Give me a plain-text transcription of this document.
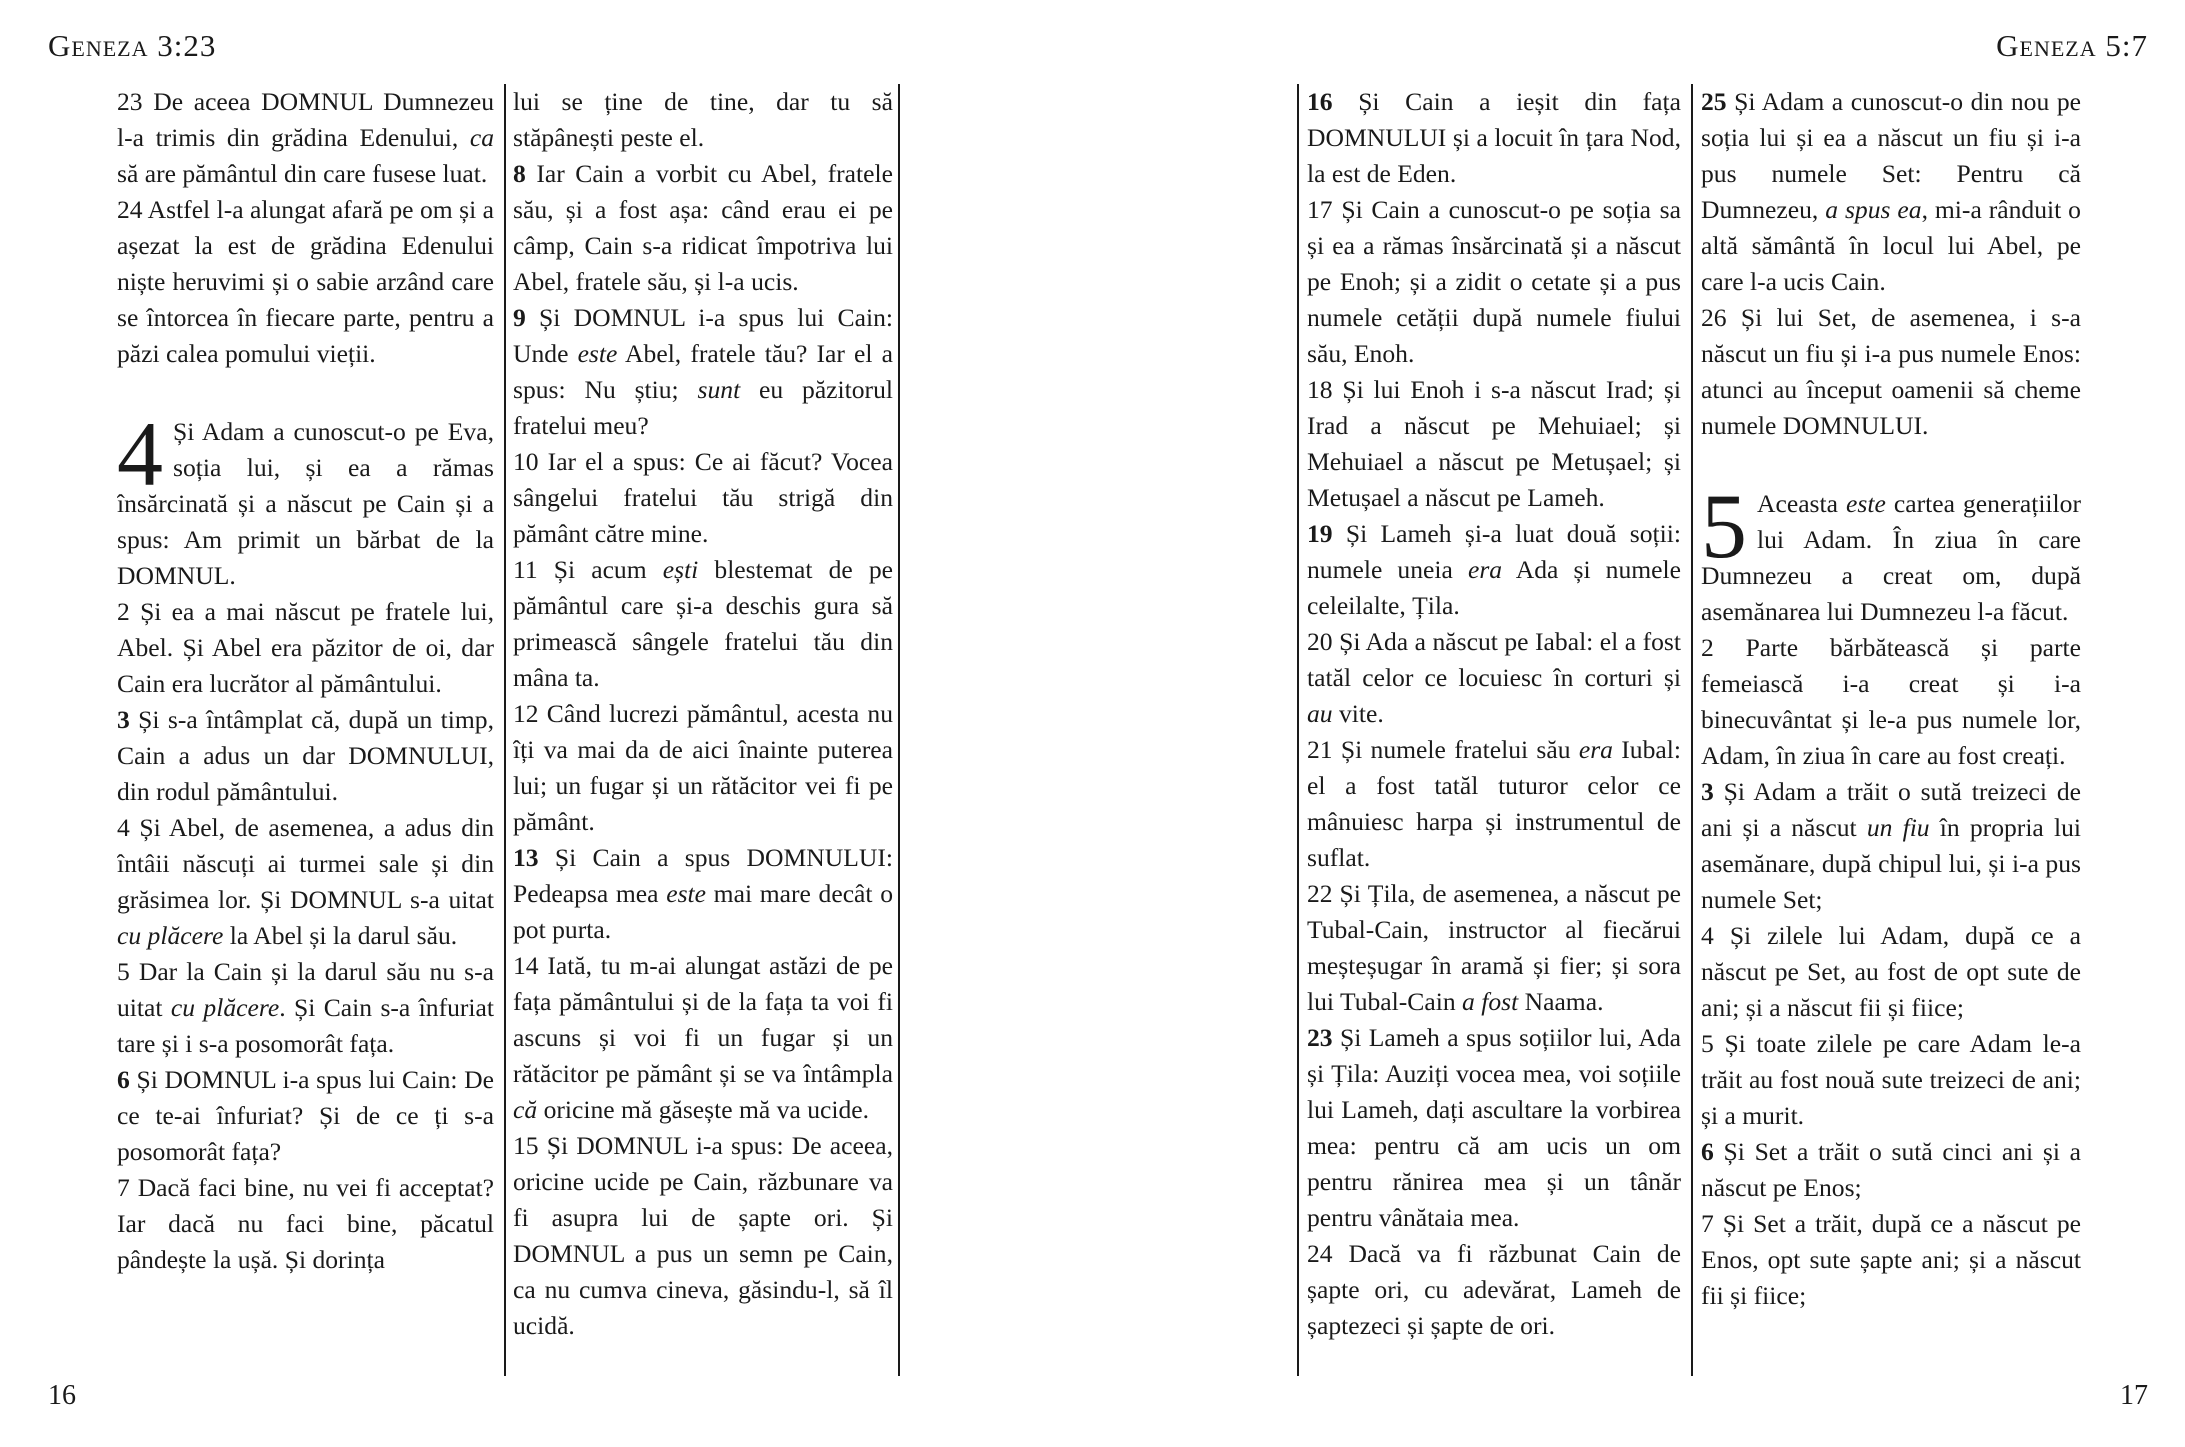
Geneza 3:23	Geneza 5:7

23 De aceea DOMNUL Dumnezeu l-a trimis din grădina Edenului, ca să are pământul din care fusese luat.

24 Astfel l-a alungat afară pe om și a așezat la est de grădina Edenului niște heruvimi și o sabie arzând care se întorcea în fiecare parte, pentru a păzi calea pomului vieții.

4 Și Adam a cunoscut-o pe Eva, soția lui, și ea a rămas însărcinată și a născut pe Cain și a spus: Am primit un bărbat de la DOMNUL.

2 Și ea a mai născut pe fratele lui, Abel. Și Abel era păzitor de oi, dar Cain era lucrător al pământului.

3 Și s-a întâmplat că, după un timp, Cain a adus un dar DOMNULUI, din rodul pământului.

4 Și Abel, de asemenea, a adus din întâii născuți ai turmei sale și din grăsimea lor. Și DOMNUL s-a uitat cu plăcere la Abel și la darul său.

5 Dar la Cain și la darul său nu s-a uitat cu plăcere. Și Cain s-a înfuriat tare și i s-a posomorât fața.

6 Și DOMNUL i-a spus lui Cain: De ce te-ai înfuriat? Și de ce ți s-a posomorât fața?

7 Dacă faci bine, nu vei fi acceptat? Iar dacă nu faci bine, păcatul pândește la ușă. Și dorința

lui se ține de tine, dar tu să stăpânești peste el.

8 Iar Cain a vorbit cu Abel, fratele său, și a fost așa: când erau ei pe câmp, Cain s-a ridicat împotriva lui Abel, fratele său, și l-a ucis.

9 Și DOMNUL i-a spus lui Cain: Unde este Abel, fratele tău? Iar el a spus: Nu știu; sunt eu păzitorul fratelui meu?

10 Iar el a spus: Ce ai făcut? Vocea sângelui fratelui tău strigă din pământ către mine.

11 Și acum ești blestemat de pe pământul care și-a deschis gura să primească sângele fratelui tău din mâna ta.

12 Când lucrezi pământul, acesta nu îți va mai da de aici înainte puterea lui; un fugar și un rătăcitor vei fi pe pământ.

13 Și Cain a spus DOMNULUI: Pedeapsa mea este mai mare decât o pot purta.

14 Iată, tu m-ai alungat astăzi de pe fața pământului și de la fața ta voi fi ascuns și voi fi un fugar și un rătăcitor pe pământ și se va întâmpla că oricine mă găsește mă va ucide.

15 Și DOMNUL i-a spus: De aceea, oricine ucide pe Cain, răzbunare va fi asupra lui de șapte ori. Și DOMNUL a pus un semn pe Cain, ca nu cumva cineva, găsindu-l, să îl ucidă.

16 Și Cain a ieșit din fața DOMNULUI și a locuit în țara Nod, la est de Eden.

17 Și Cain a cunoscut-o pe soția sa și ea a rămas însărcinată și a născut pe Enoh; și a zidit o cetate și a pus numele cetății după numele fiului său, Enoh.

18 Și lui Enoh i s-a născut Irad; și Irad a născut pe Mehuiael; și Mehuiael a născut pe Metușael; și Metușael a născut pe Lameh.

19 Și Lameh și-a luat două soții: numele uneia era Ada și numele celeilalte, Țila.

20 Și Ada a născut pe Iabal: el a fost tatăl celor ce locuiesc în corturi și au vite.

21 Și numele fratelui său era Iubal: el a fost tatăl tuturor celor ce mânuiesc harpa și instrumentul de suflat.

22 Și Țila, de asemenea, a născut pe Tubal-Cain, instructor al fiecărui meșteșugar în aramă și fier; și sora lui Tubal-Cain a fost Naama.

23 Și Lameh a spus soțiilor lui, Ada și Țila: Auziți vocea mea, voi soțiile lui Lameh, dați ascultare la vorbirea mea: pentru că am ucis un om pentru rănirea mea și un tânăr pentru vânătaia mea.

24 Dacă va fi răzbunat Cain de șapte ori, cu adevărat, Lameh de șaptezeci și șapte de ori.

25 Și Adam a cunoscut-o din nou pe soția lui și ea a născut un fiu și i-a pus numele Set: Pentru că Dumnezeu, a spus ea, mi-a rânduit o altă sământă în locul lui Abel, pe care l-a ucis Cain.

26 Și lui Set, de asemenea, i s-a născut un fiu și i-a pus numele Enos: atunci au început oamenii să cheme numele DOMNULUI.

5 Aceasta este cartea generațiilor lui Adam. În ziua în care Dumnezeu a creat om, după asemănarea lui Dumnezeu l-a făcut.

2 Parte bărbătească și parte femeiască i-a creat și i-a binecuvântat și le-a pus numele lor, Adam, în ziua în care au fost creați.

3 Și Adam a trăit o sută treizeci de ani și a născut un fiu în propria lui asemănare, după chipul lui, și i-a pus numele Set;

4 Și zilele lui Adam, după ce a născut pe Set, au fost de opt sute de ani; și a născut fii și fiice;

5 Și toate zilele pe care Adam le-a trăit au fost nouă sute treizeci de ani; și a murit.

6 Și Set a trăit o sută cinci ani și a născut pe Enos;

7 Și Set a trăit, după ce a născut pe Enos, opt sute șapte ani; și a născut fii și fiice;

16	17
